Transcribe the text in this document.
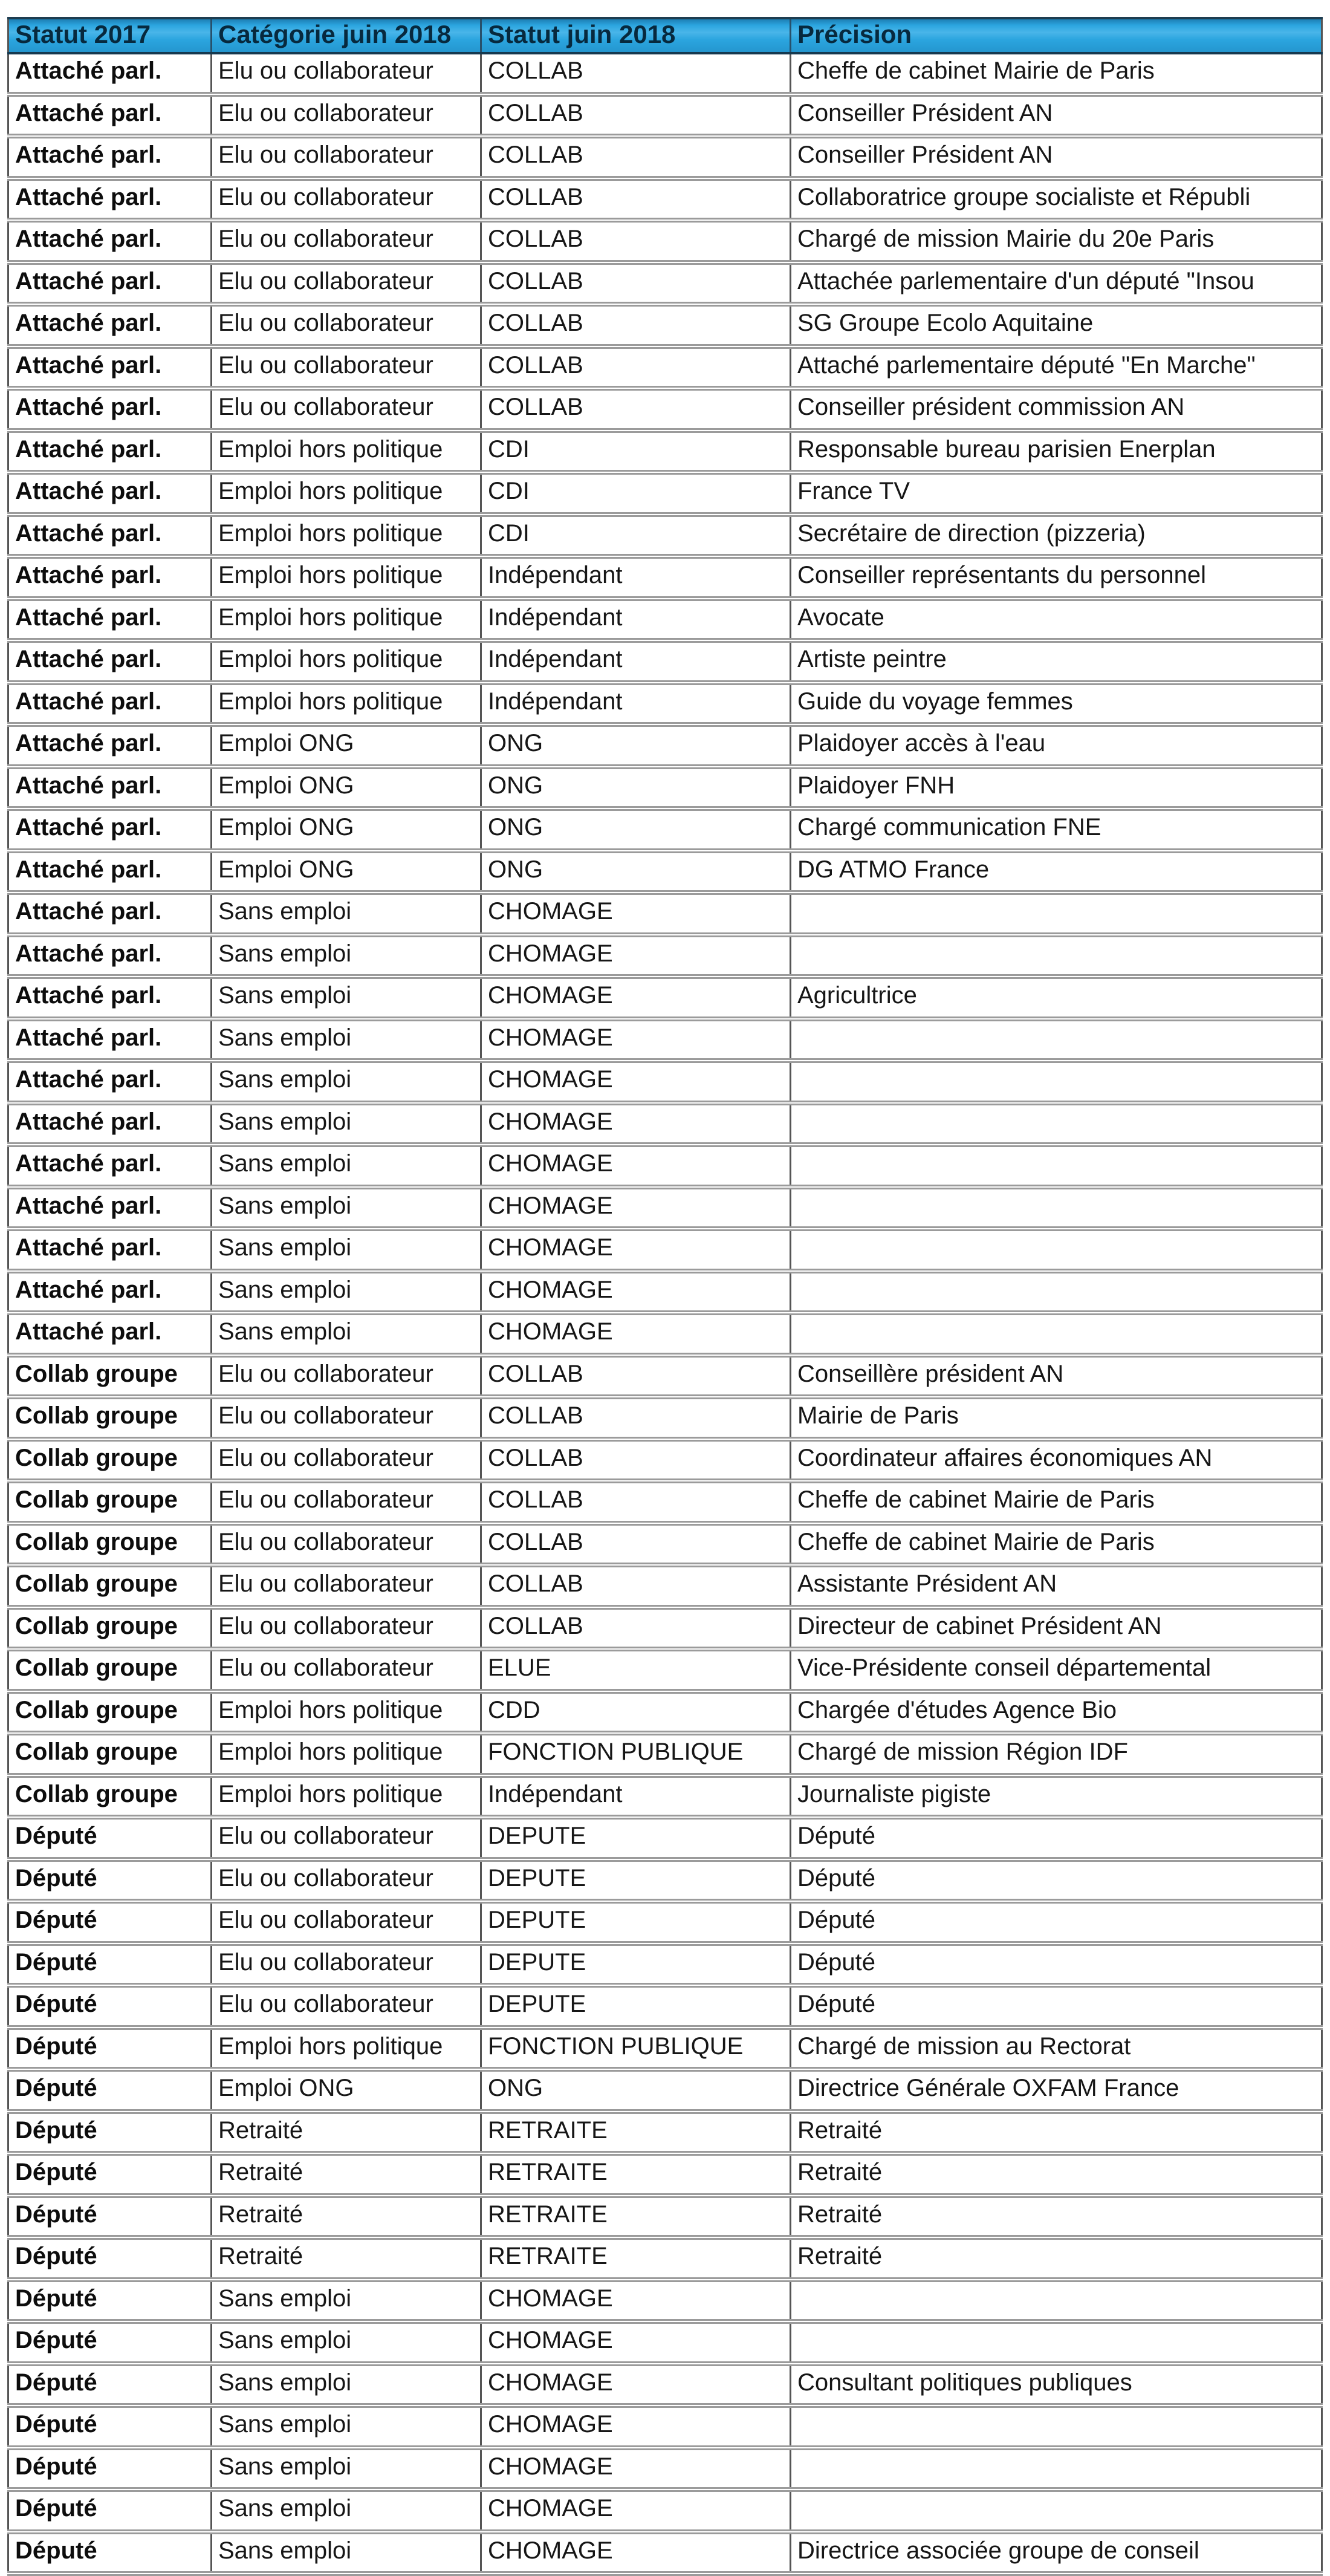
Statut 2017	Catégorie juin 2018	Statut juin 2018	Précision
Attaché parl.	Elu ou collaborateur	COLLAB	Cheffe de cabinet Mairie de Paris
Attaché parl.	Elu ou collaborateur	COLLAB	Conseiller Président AN
Attaché parl.	Elu ou collaborateur	COLLAB	Conseiller Président AN
Attaché parl.	Elu ou collaborateur	COLLAB	Collaboratrice groupe socialiste et Républi
Attaché parl.	Elu ou collaborateur	COLLAB	Chargé de mission Mairie du 20e Paris
Attaché parl.	Elu ou collaborateur	COLLAB	Attachée parlementaire d'un député "Insou
Attaché parl.	Elu ou collaborateur	COLLAB	SG Groupe Ecolo Aquitaine
Attaché parl.	Elu ou collaborateur	COLLAB	Attaché parlementaire député "En Marche"
Attaché parl.	Elu ou collaborateur	COLLAB	Conseiller président commission AN
Attaché parl.	Emploi hors politique	CDI	Responsable bureau parisien Enerplan
Attaché parl.	Emploi hors politique	CDI	France TV
Attaché parl.	Emploi hors politique	CDI	Secrétaire de direction (pizzeria)
Attaché parl.	Emploi hors politique	Indépendant	Conseiller représentants du personnel
Attaché parl.	Emploi hors politique	Indépendant	Avocate
Attaché parl.	Emploi hors politique	Indépendant	Artiste peintre
Attaché parl.	Emploi hors politique	Indépendant	Guide du voyage femmes
Attaché parl.	Emploi ONG	ONG	Plaidoyer accès à l'eau
Attaché parl.	Emploi ONG	ONG	Plaidoyer FNH
Attaché parl.	Emploi ONG	ONG	Chargé communication FNE
Attaché parl.	Emploi ONG	ONG	DG ATMO France
Attaché parl.	Sans emploi	CHOMAGE	
Attaché parl.	Sans emploi	CHOMAGE	
Attaché parl.	Sans emploi	CHOMAGE	Agricultrice
Attaché parl.	Sans emploi	CHOMAGE	
Attaché parl.	Sans emploi	CHOMAGE	
Attaché parl.	Sans emploi	CHOMAGE	
Attaché parl.	Sans emploi	CHOMAGE	
Attaché parl.	Sans emploi	CHOMAGE	
Attaché parl.	Sans emploi	CHOMAGE	
Attaché parl.	Sans emploi	CHOMAGE	
Attaché parl.	Sans emploi	CHOMAGE	
Collab groupe	Elu ou collaborateur	COLLAB	Conseillère président AN
Collab groupe	Elu ou collaborateur	COLLAB	Mairie de Paris
Collab groupe	Elu ou collaborateur	COLLAB	Coordinateur affaires économiques AN
Collab groupe	Elu ou collaborateur	COLLAB	Cheffe de cabinet Mairie de Paris
Collab groupe	Elu ou collaborateur	COLLAB	Cheffe de cabinet Mairie de Paris
Collab groupe	Elu ou collaborateur	COLLAB	Assistante Président AN
Collab groupe	Elu ou collaborateur	COLLAB	Directeur de cabinet Président AN
Collab groupe	Elu ou collaborateur	ELUE	Vice-Présidente conseil départemental
Collab groupe	Emploi hors politique	CDD	Chargée d'études Agence Bio
Collab groupe	Emploi hors politique	FONCTION PUBLIQUE	Chargé de mission Région IDF
Collab groupe	Emploi hors politique	Indépendant	Journaliste pigiste
Député	Elu ou collaborateur	DEPUTE	Député
Député	Elu ou collaborateur	DEPUTE	Député
Député	Elu ou collaborateur	DEPUTE	Député
Député	Elu ou collaborateur	DEPUTE	Député
Député	Elu ou collaborateur	DEPUTE	Député
Député	Emploi hors politique	FONCTION PUBLIQUE	Chargé de mission au Rectorat
Député	Emploi ONG	ONG	Directrice Générale OXFAM France
Député	Retraité	RETRAITE	Retraité
Député	Retraité	RETRAITE	Retraité
Député	Retraité	RETRAITE	Retraité
Député	Retraité	RETRAITE	Retraité
Député	Sans emploi	CHOMAGE	
Député	Sans emploi	CHOMAGE	
Député	Sans emploi	CHOMAGE	Consultant politiques publiques
Député	Sans emploi	CHOMAGE	
Député	Sans emploi	CHOMAGE	
Député	Sans emploi	CHOMAGE	
Député	Sans emploi	CHOMAGE	Directrice associée groupe de conseil
